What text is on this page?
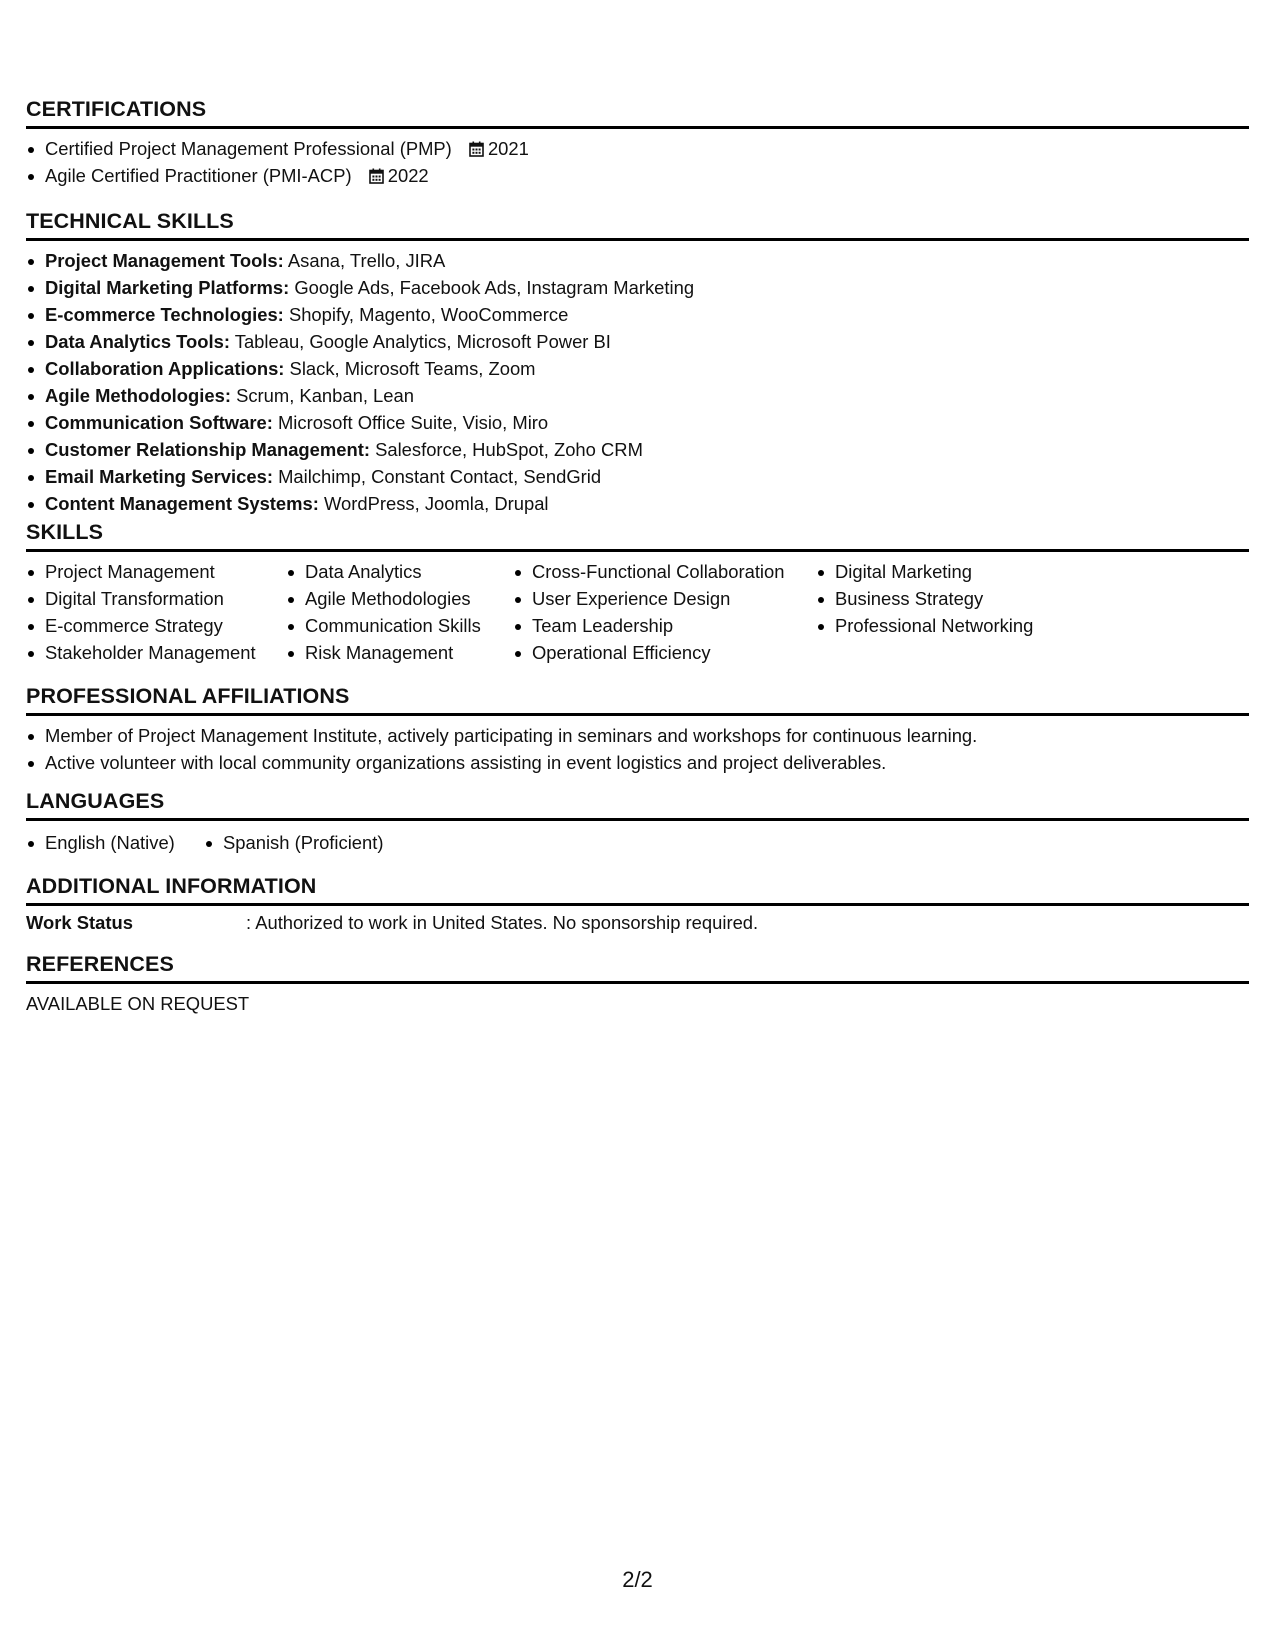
CERTIFICATIONS
Certified Project Management Professional (PMP) 2021
Agile Certified Practitioner (PMI-ACP) 2022
TECHNICAL SKILLS
Project Management Tools: Asana, Trello, JIRA
Digital Marketing Platforms: Google Ads, Facebook Ads, Instagram Marketing
E-commerce Technologies: Shopify, Magento, WooCommerce
Data Analytics Tools: Tableau, Google Analytics, Microsoft Power BI
Collaboration Applications: Slack, Microsoft Teams, Zoom
Agile Methodologies: Scrum, Kanban, Lean
Communication Software: Microsoft Office Suite, Visio, Miro
Customer Relationship Management: Salesforce, HubSpot, Zoho CRM
Email Marketing Services: Mailchimp, Constant Contact, SendGrid
Content Management Systems: WordPress, Joomla, Drupal
SKILLS
Project Management
Digital Transformation
E-commerce Strategy
Stakeholder Management
Data Analytics
Agile Methodologies
Communication Skills
Risk Management
Cross-Functional Collaboration
User Experience Design
Team Leadership
Operational Efficiency
Digital Marketing
Business Strategy
Professional Networking
PROFESSIONAL AFFILIATIONS
Member of Project Management Institute, actively participating in seminars and workshops for continuous learning.
Active volunteer with local community organizations assisting in event logistics and project deliverables.
LANGUAGES
English (Native)	Spanish (Proficient)
ADDITIONAL INFORMATION
Work Status	: Authorized to work in United States. No sponsorship required.
REFERENCES
AVAILABLE ON REQUEST
2/2
